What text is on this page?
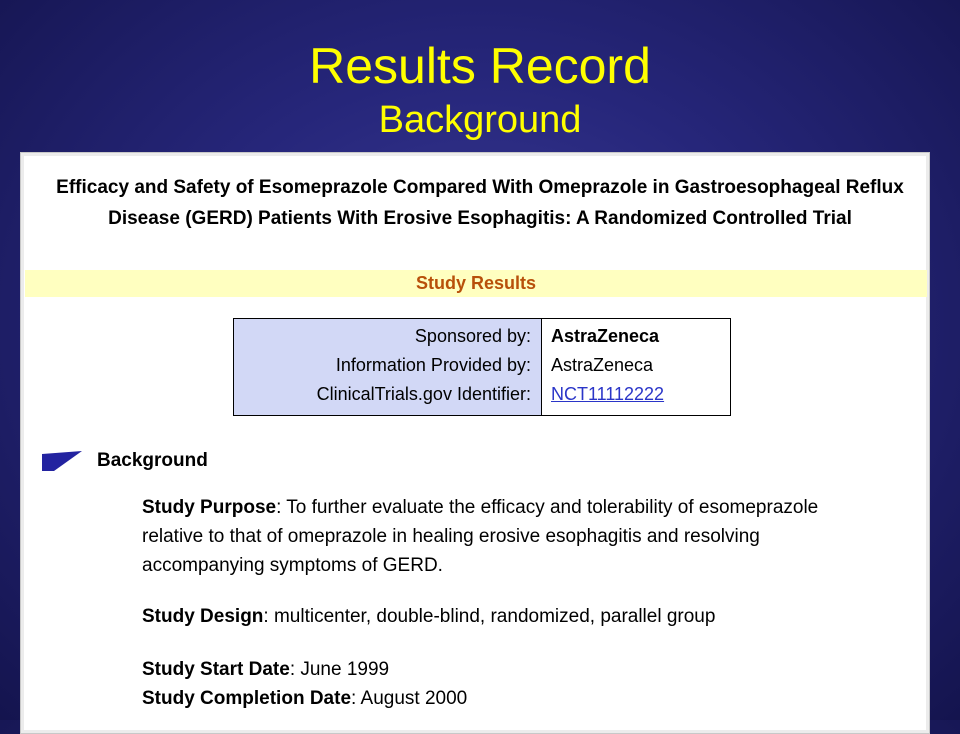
Results Record
Background
Efficacy and Safety of Esomeprazole Compared With Omeprazole in Gastroesophageal Reflux Disease (GERD) Patients With Erosive Esophagitis: A Randomized Controlled Trial
Study Results
Sponsored by:
Information Provided by:
ClinicalTrials.gov Identifier:
AstraZeneca
AstraZeneca
NCT11112222
Background
Study Purpose: To further evaluate the efficacy and tolerability of esomeprazole relative to that of omeprazole in healing erosive esophagitis and resolving accompanying symptoms of GERD.
Study Design: multicenter, double-blind, randomized, parallel group
Study Start Date: June 1999
Study Completion Date: August 2000
